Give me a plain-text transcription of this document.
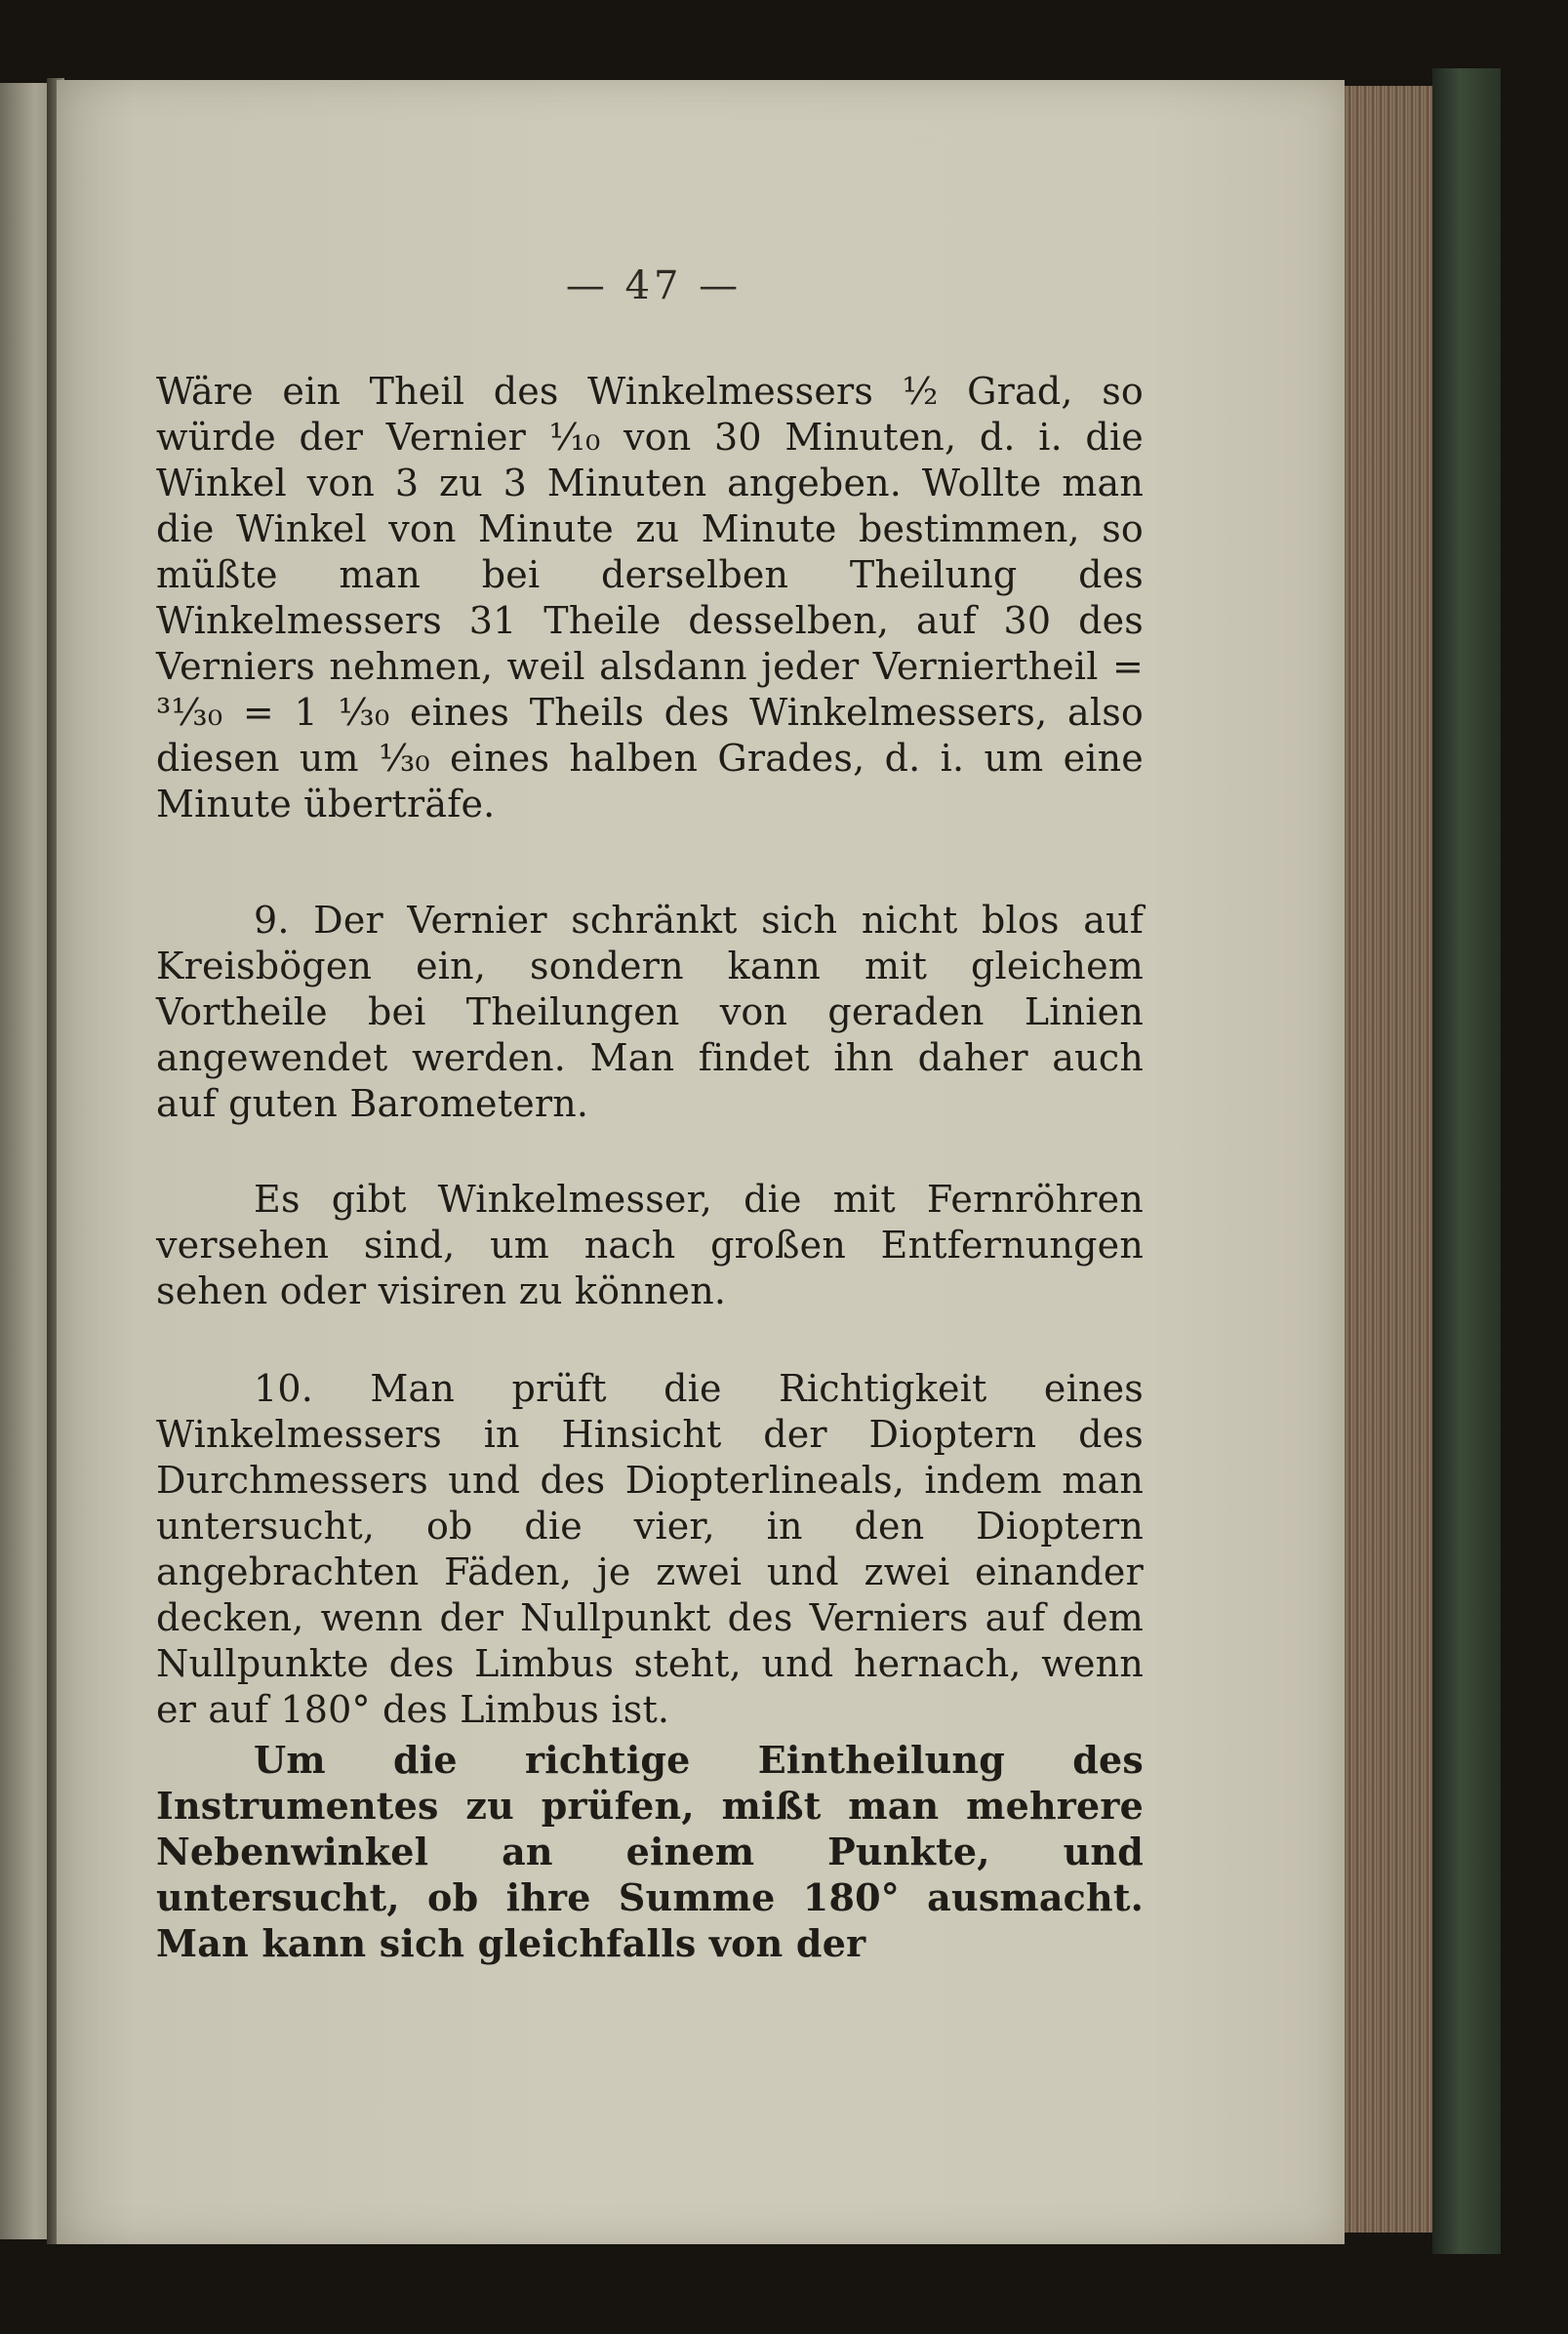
— 47 —

Wäre ein Theil des Winkelmessers ½ Grad, so würde der Vernier ¹⁄₁₀ von 30 Minuten, d. i. die Winkel von 3 zu 3 Minuten angeben. Wollte man die Winkel von Minute zu Minute bestimmen, so müßte man bei derselben Theilung des Winkelmessers 31 Theile desselben, auf 30 des Verniers nehmen, weil alsdann jeder Verniertheil = ³¹⁄₃₀ = 1 ¹⁄₃₀ eines Theils des Winkelmessers, also diesen um ¹⁄₃₀ eines halben Grades, d. i. um eine Minute überträfe.

9. Der Vernier schränkt sich nicht blos auf Kreisbögen ein, sondern kann mit gleichem Vortheile bei Theilungen von geraden Linien angewendet werden. Man findet ihn daher auch auf guten Barometern.

Es gibt Winkelmesser, die mit Fernröhren versehen sind, um nach großen Entfernungen sehen oder visiren zu können.

10. Man prüft die Richtigkeit eines Winkelmessers in Hinsicht der Dioptern des Durchmessers und des Diopterlineals, indem man untersucht, ob die vier, in den Dioptern angebrachten Fäden, je zwei und zwei einander decken, wenn der Nullpunkt des Verniers auf dem Nullpunkte des Limbus steht, und hernach, wenn er auf 180° des Limbus ist.

Um die richtige Eintheilung des Instrumentes zu prüfen, mißt man mehrere Nebenwinkel an einem Punkte, und untersucht, ob ihre Summe 180° ausmacht. Man kann sich gleichfalls von der
